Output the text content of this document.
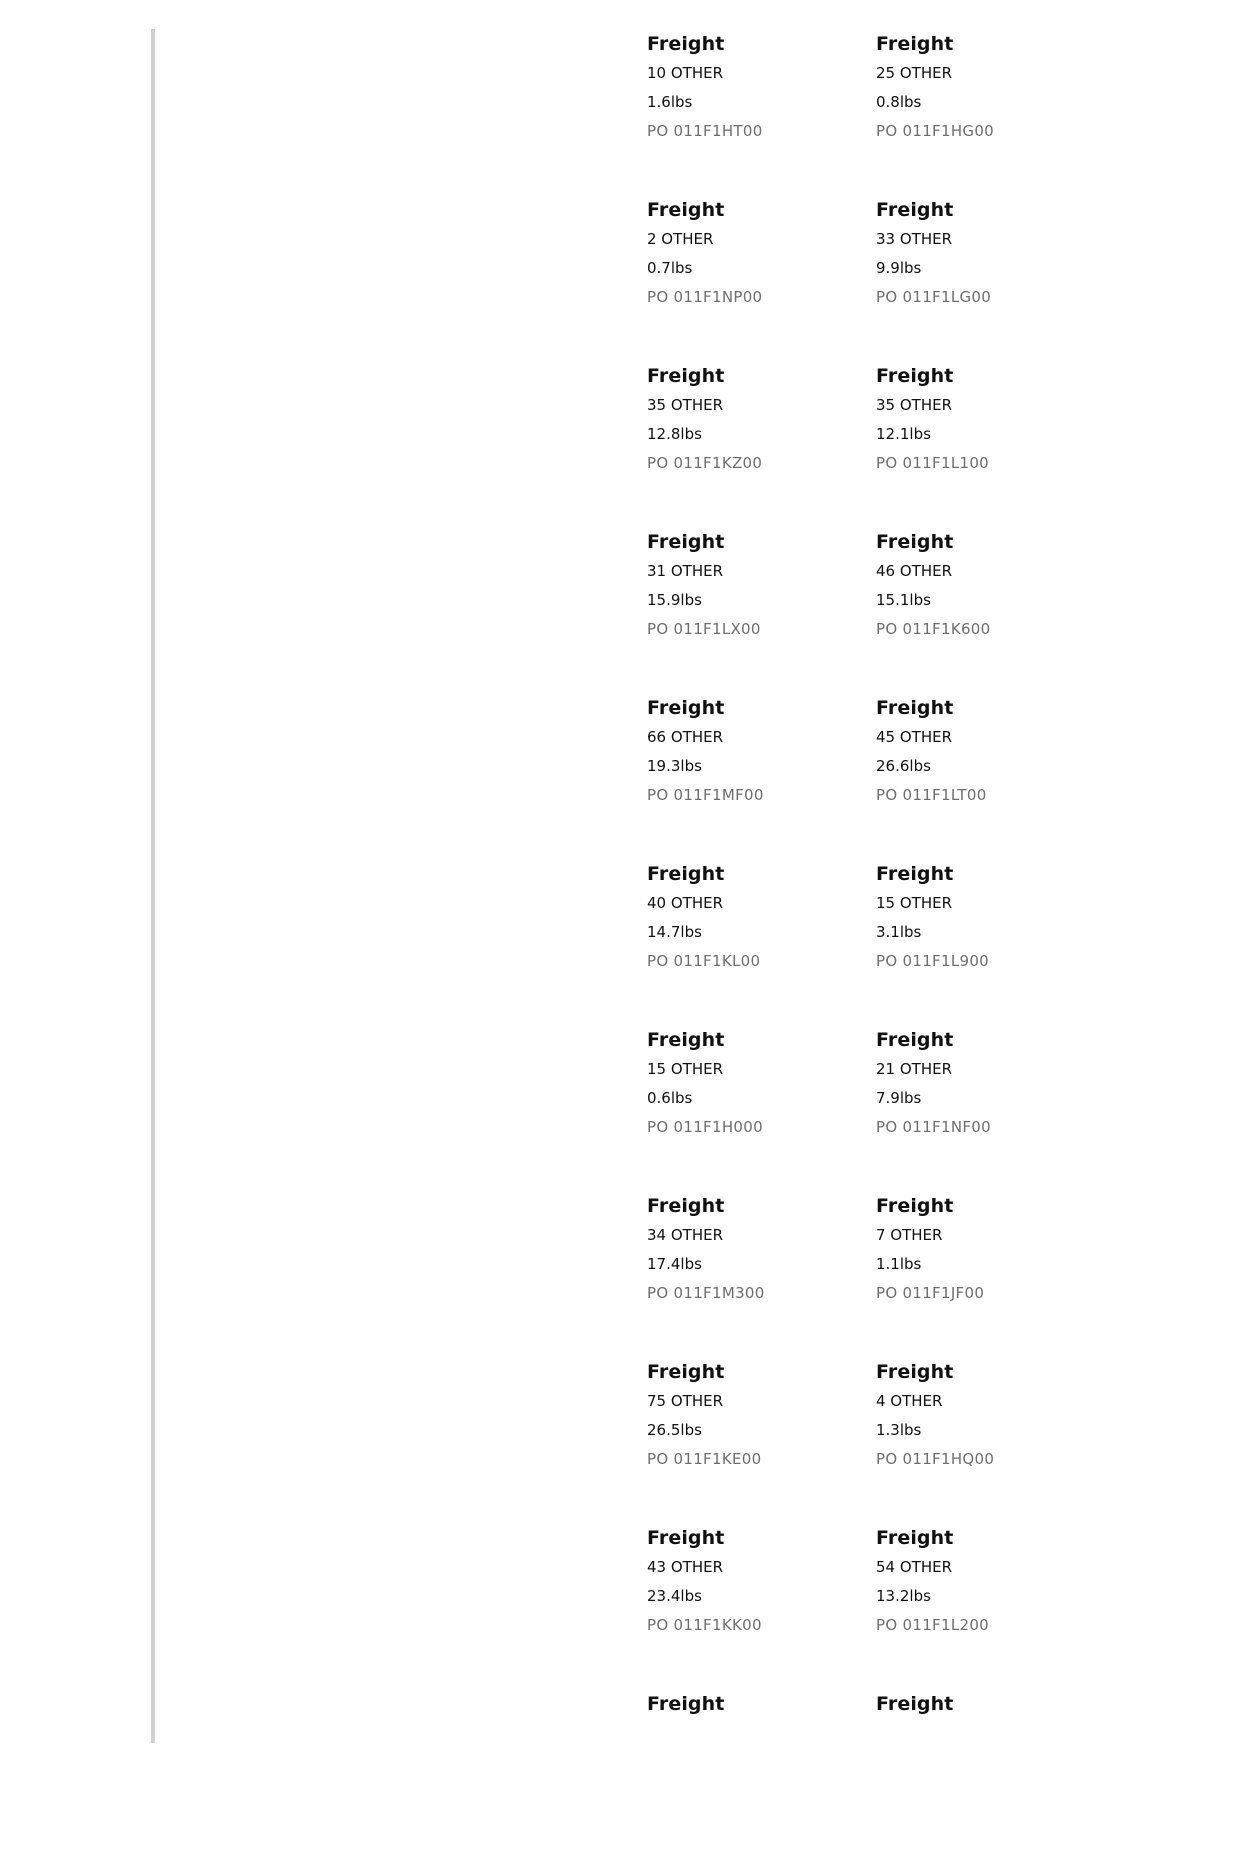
Freight
10 OTHER
1.6lbs
PO 011F1HT00
Freight
25 OTHER
0.8lbs
PO 011F1HG00
Freight
2 OTHER
0.7lbs
PO 011F1NP00
Freight
33 OTHER
9.9lbs
PO 011F1LG00
Freight
35 OTHER
12.8lbs
PO 011F1KZ00
Freight
35 OTHER
12.1lbs
PO 011F1L100
Freight
31 OTHER
15.9lbs
PO 011F1LX00
Freight
46 OTHER
15.1lbs
PO 011F1K600
Freight
66 OTHER
19.3lbs
PO 011F1MF00
Freight
45 OTHER
26.6lbs
PO 011F1LT00
Freight
40 OTHER
14.7lbs
PO 011F1KL00
Freight
15 OTHER
3.1lbs
PO 011F1L900
Freight
15 OTHER
0.6lbs
PO 011F1H000
Freight
21 OTHER
7.9lbs
PO 011F1NF00
Freight
34 OTHER
17.4lbs
PO 011F1M300
Freight
7 OTHER
1.1lbs
PO 011F1JF00
Freight
75 OTHER
26.5lbs
PO 011F1KE00
Freight
4 OTHER
1.3lbs
PO 011F1HQ00
Freight
43 OTHER
23.4lbs
PO 011F1KK00
Freight
54 OTHER
13.2lbs
PO 011F1L200
Freight	Freight
